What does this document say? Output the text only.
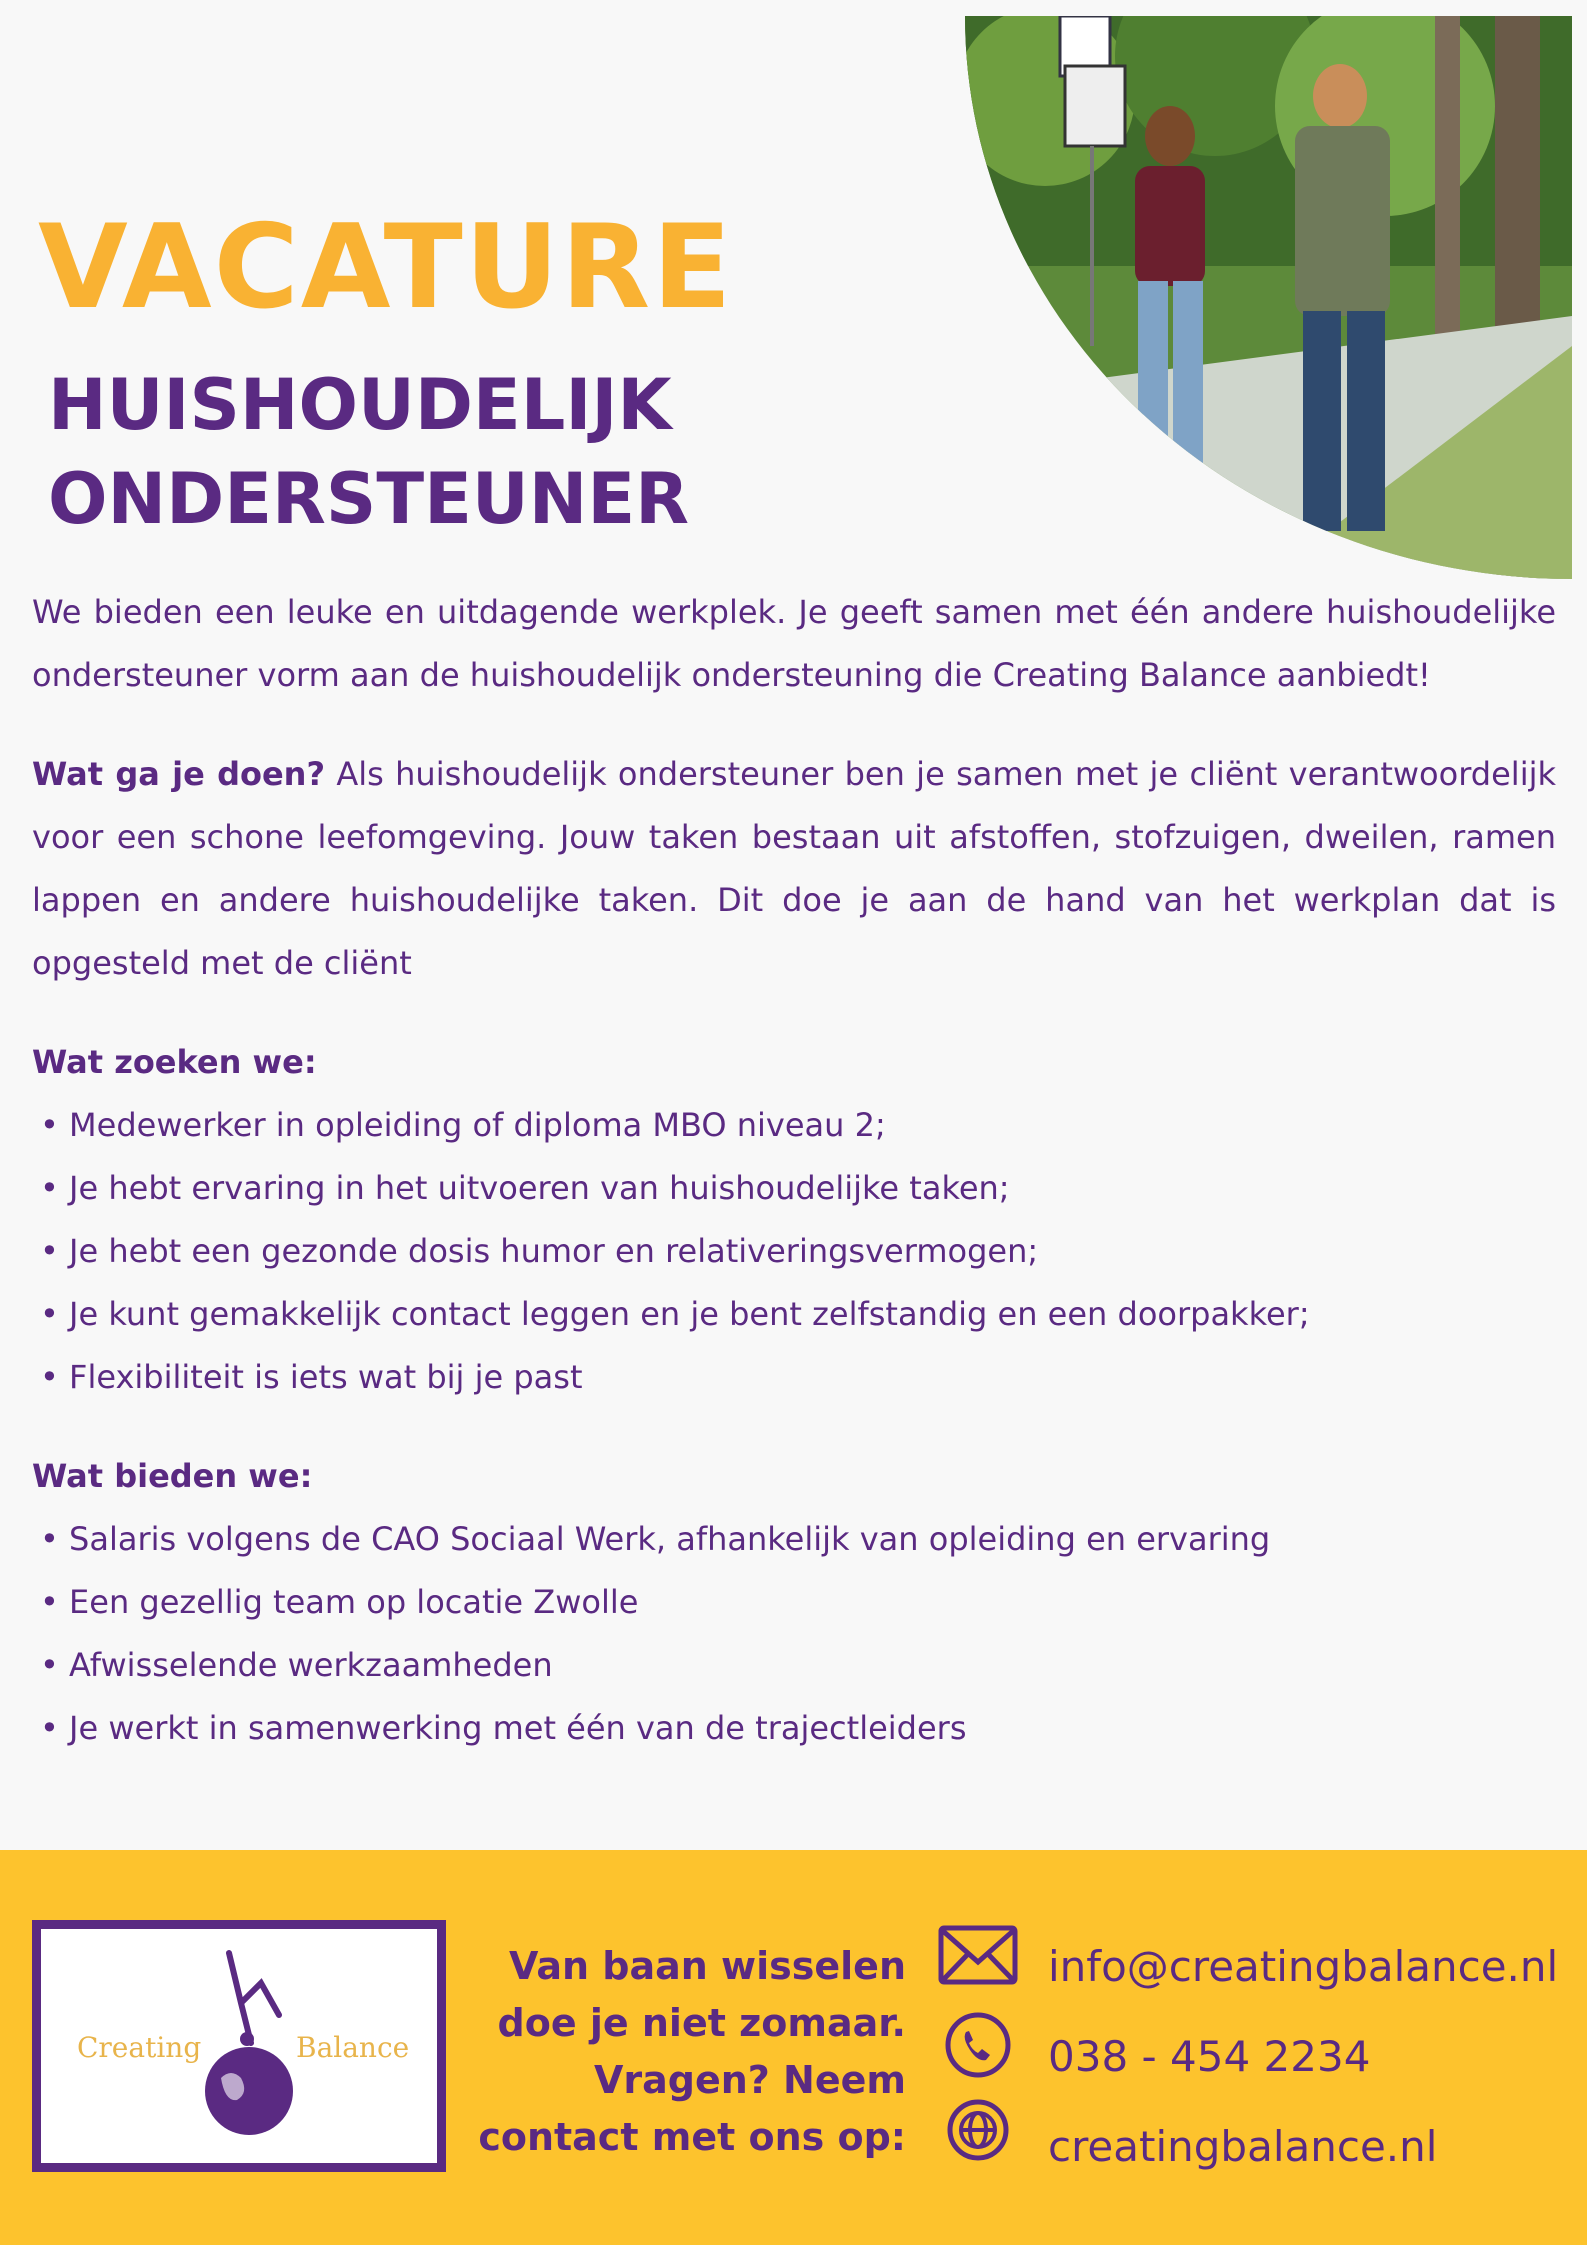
VACATURE
HUISHOUDELIJK
ONDERSTEUNER

We bieden een leuke en uitdagende werkplek. Je geeft samen met één andere huishoudelijke ondersteuner vorm aan de huishoudelijk ondersteuning die Creating Balance aanbiedt!

Wat ga je doen? Als huishoudelijk ondersteuner ben je samen met je cliënt verantwoordelijk voor een schone leefomgeving. Jouw taken bestaan uit afstoffen, stofzuigen, dweilen, ramen lappen en andere huishoudelijke taken. Dit doe je aan de hand van het werkplan dat is opgesteld met de cliënt

Wat zoeken we:
• Medewerker in opleiding of diploma MBO niveau 2;
• Je hebt ervaring in het uitvoeren van huishoudelijke taken;
• Je hebt een gezonde dosis humor en relativeringsvermogen;
• Je kunt gemakkelijk contact leggen en je bent zelfstandig en een doorpakker;
• Flexibiliteit is iets wat bij je past
Wat bieden we:
• Salaris volgens de CAO Sociaal Werk, afhankelijk van opleiding en ervaring
• Een gezellig team op locatie Zwolle
• Afwisselende werkzaamheden
• Je werkt in samenwerking met één van de trajectleiders
Creating	Balance
Van baan wisselen
doe je niet zomaar.
Vragen? Neem
contact met ons op:
info@creatingbalance.nl
038 - 454 2234
creatingbalance.nl
